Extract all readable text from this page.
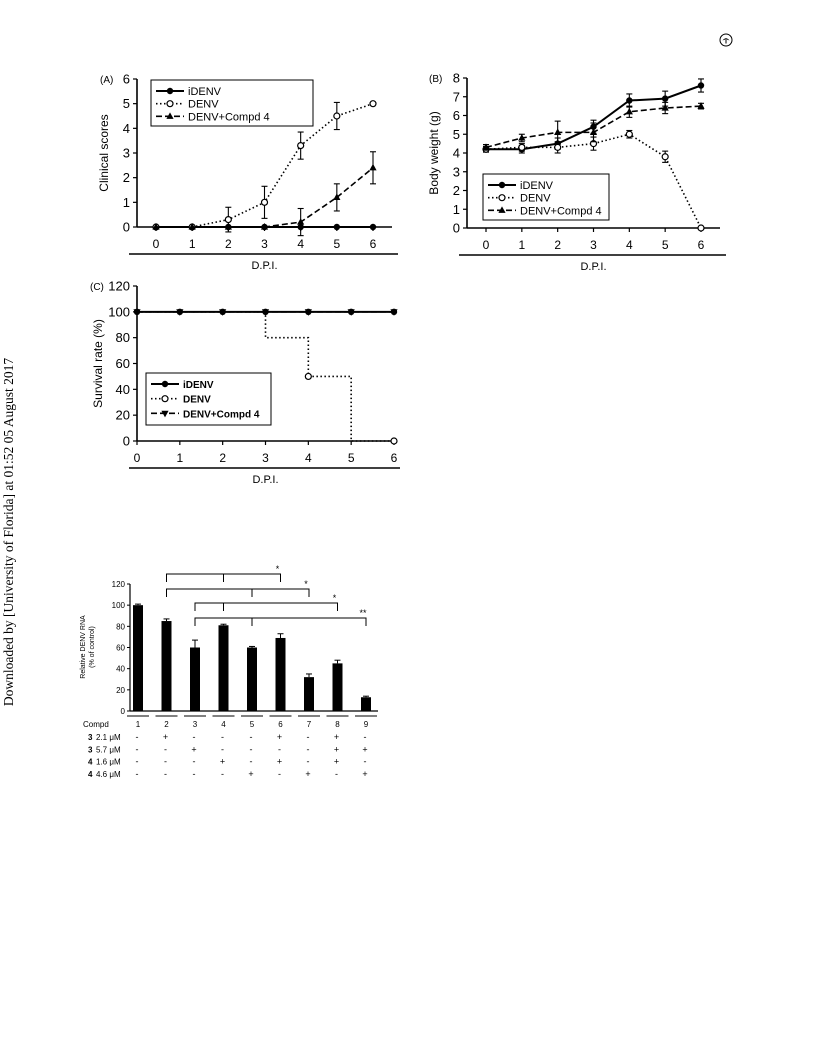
Downloaded by [University of Florida] at 01:52 05 August 2017
0
1
2
3
4
5
6
0 1 2 3 4 5 6
D.P.I.
Clinical scores
(A)
iDENV
DENV
DENV+Compd 4
0
1
2
3
4
5
6
7
8
0 1 2 3 4 5 6
D.P.I.
Body weight (g)
(B)
iDENV
DENV
DENV+Compd 4
0
20
40
60
80
100
120
0	1	2	3	4	5	6
D.P.I.
Survival rate (%)
(C)
iDENV
DENV
DENV+Compd 4
0
20
40
60
80
100
120
Relative DENV RNA (% of control)
1	2	3	4	5	6	7	8	9
Compd
3 2.1 μM -	+	-	-	-	+	-	+	-
3 5.7 μM -	-	+	-	-	-	-	+	+
4 1.6 μM -	-	-	+	-	+	-	+	-
4 4.6 μM -	-	-	-	+	-	+	-	+
*
*
*
**
